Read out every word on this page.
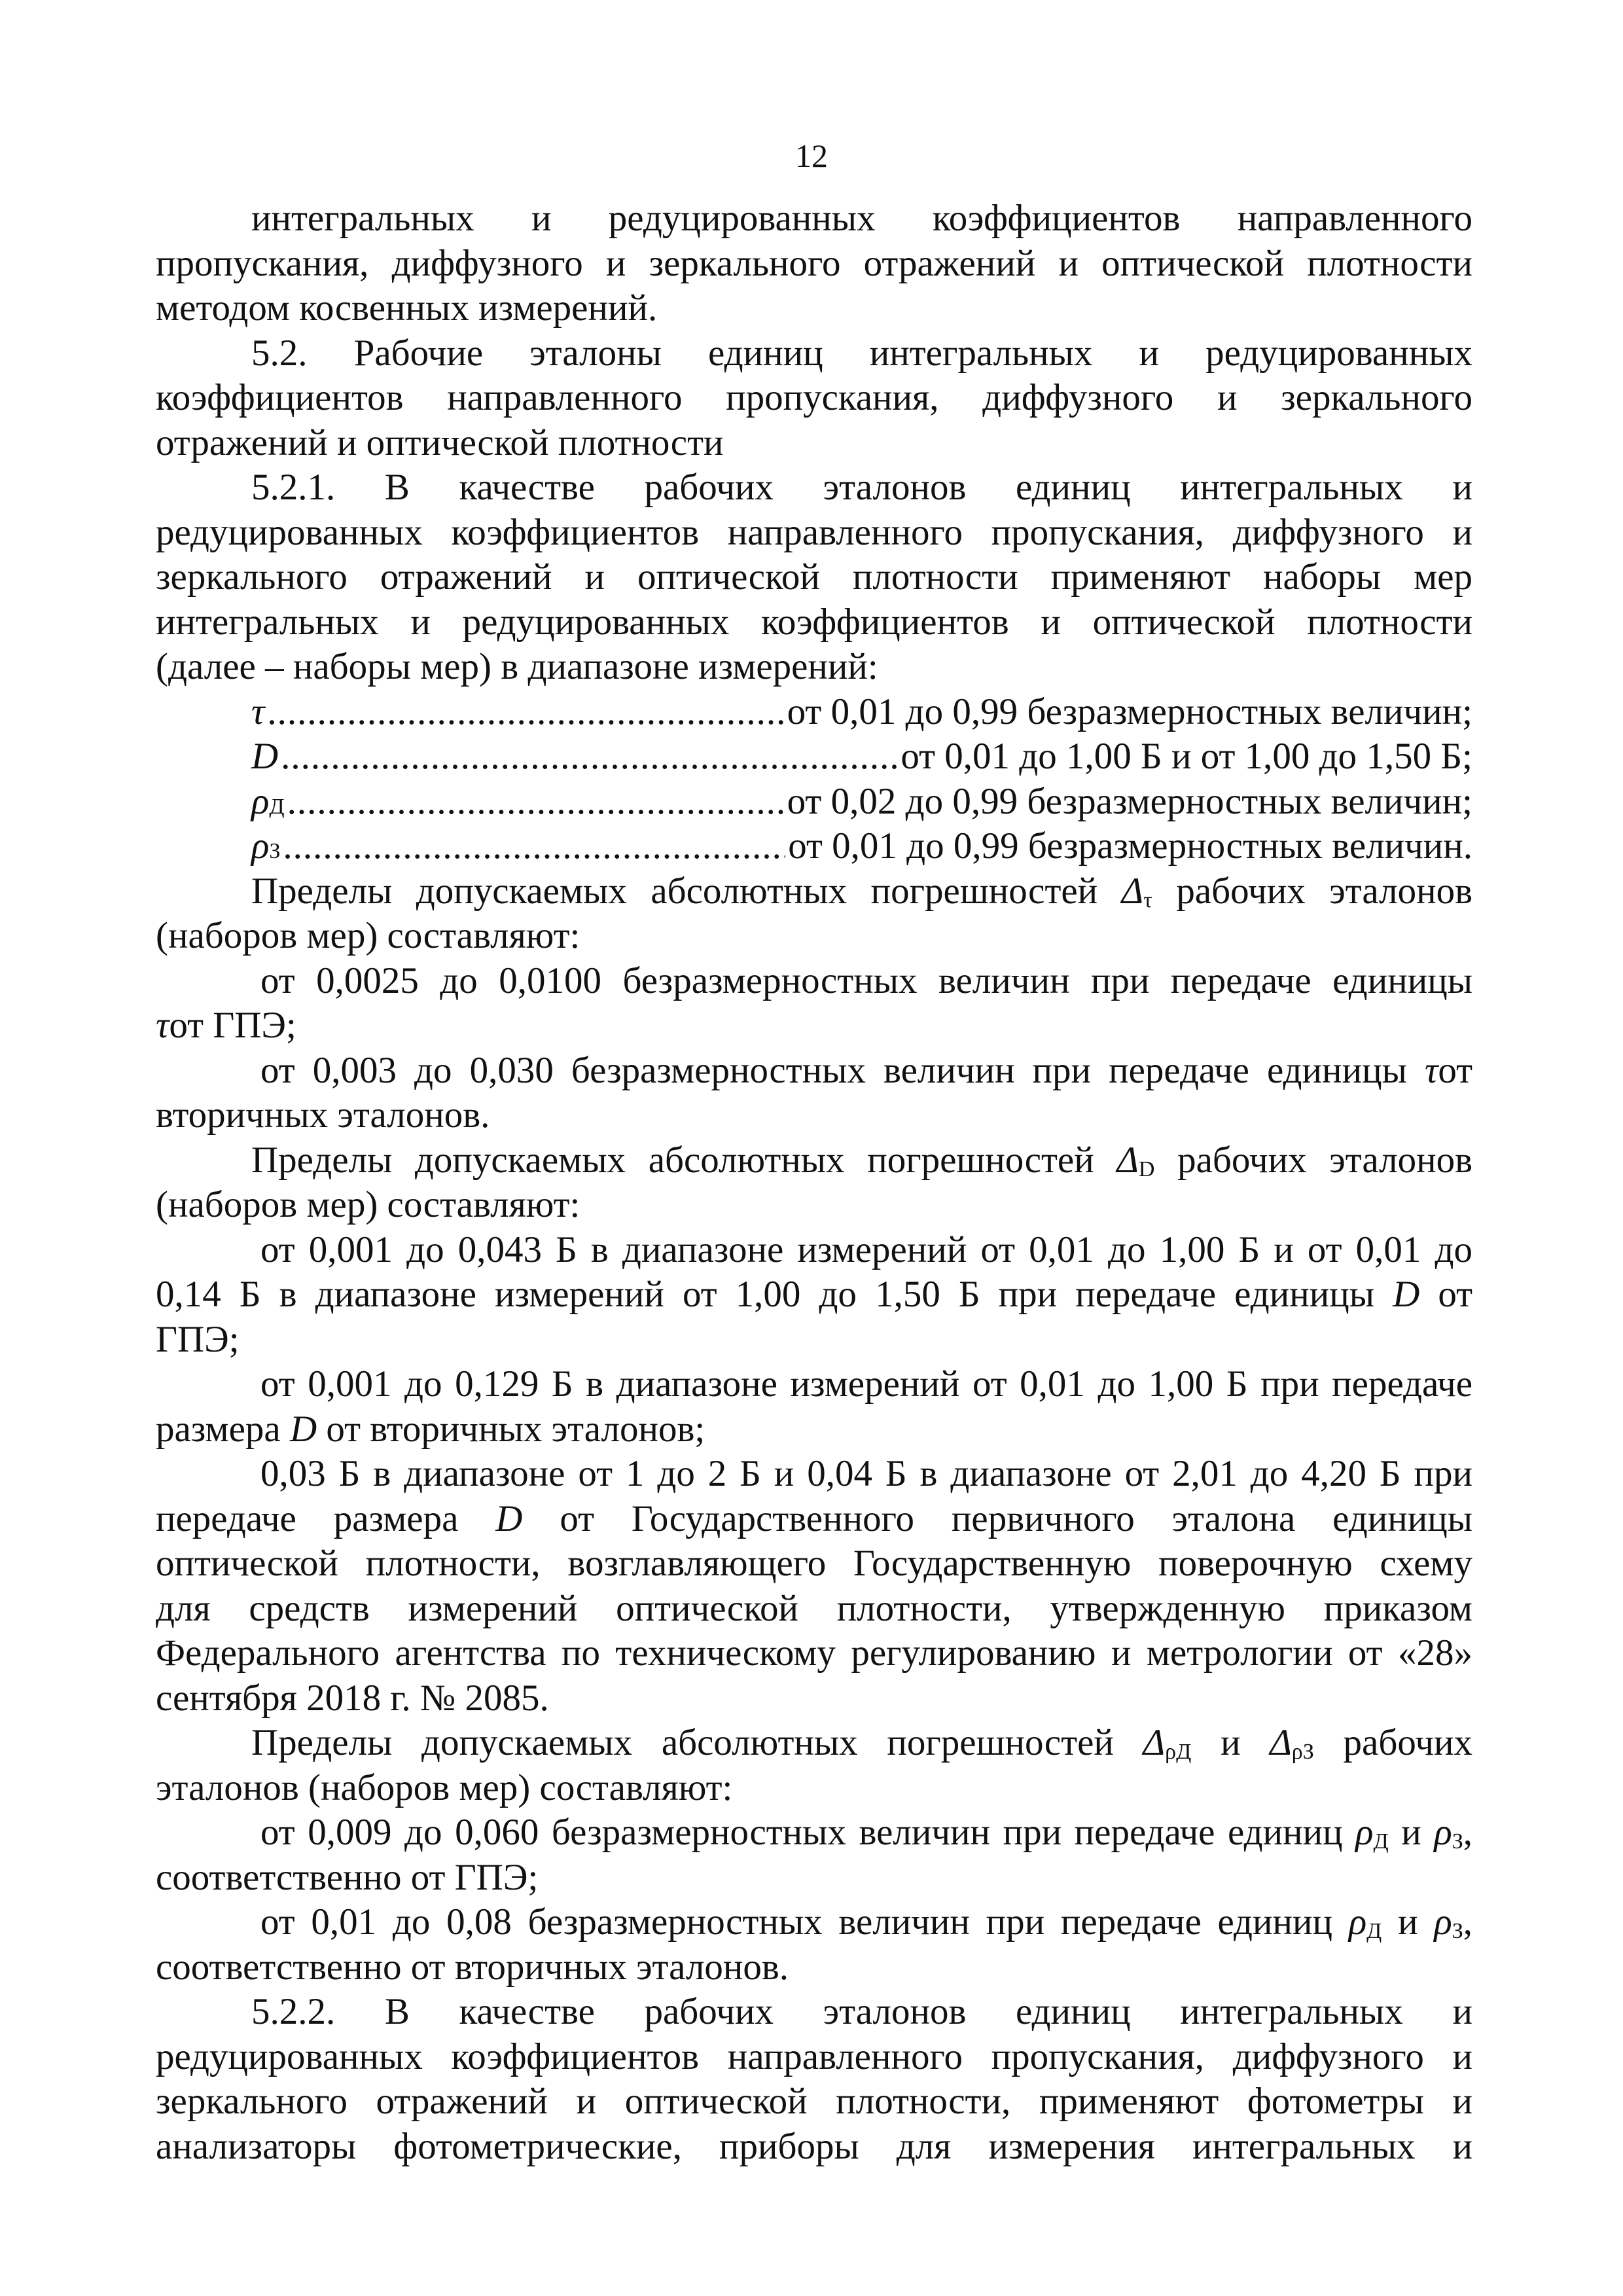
12
интегральных и редуцированных коэффициентов направленного
пропускания, диффузного и зеркального отражений и оптической плотности
методом косвенных измерений.
5.2. Рабочие эталоны единиц интегральных и редуцированных
коэффициентов направленного пропускания, диффузного и зеркального
отражений и оптической плотности
5.2.1. В качестве рабочих эталонов единиц интегральных и
редуцированных коэффициентов направленного пропускания, диффузного и
зеркального отражений и оптической плотности применяют наборы мер
интегральных и редуцированных коэффициентов и оптической плотности
(далее – наборы мер) в диапазоне измерений:
τ .....	от 0,01 до 0,99 безразмерностных величин;
D .....	от 0,01 до 1,00 Б и от 1,00 до 1,50 Б;
ρ Д .....	от 0,02 до 0,99 безразмерностных величин;
ρ З .....	от 0,01 до 0,99 безразмерностных величин.
Пределы допускаемых абсолютных погрешностей $\Delta_\tau$ рабочих эталонов
(наборов мер) составляют:
от 0,0025 до 0,0100 безразмерностных величин при передаче единицы
τот ГПЭ;
от 0,003 до 0,030 безразмерностных величин при передаче единицы τот
вторичных эталонов.
Пределы допускаемых абсолютных погрешностей $\Delta_D$ рабочих эталонов
(наборов мер) составляют:
от 0,001 до 0,043 Б в диапазоне измерений от 0,01 до 1,00 Б и от 0,01 до
0,14 Б в диапазоне измерений от 1,00 до 1,50 Б при передаче единицы D от
ГПЭ;
от 0,001 до 0,129 Б в диапазоне измерений от 0,01 до 1,00 Б при передаче
размера D от вторичных эталонов;
0,03 Б в диапазоне от 1 до 2 Б и 0,04 Б в диапазоне от 2,01 до 4,20 Б при
передаче размера D от Государственного первичного эталона единицы
оптической плотности, возглавляющего Государственную поверочную схему
для средств измерений оптической плотности, утвержденную приказом
Федерального агентства по техническому регулированию и метрологии от «28»
сентября 2018 г. № 2085.
Пределы допускаемых абсолютных погрешностей $\Delta_{\rho Д}$ и $\Delta_{\rho З}$ рабочих
эталонов (наборов мер) составляют:
от 0,009 до 0,060 безразмерностных величин при передаче единиц $\rho_Д$ и $\rho_З$,
соответственно от ГПЭ;
от 0,01 до 0,08 безразмерностных величин при передаче единиц $\rho_Д$ и $\rho_З$,
соответственно от вторичных эталонов.
5.2.2. В качестве рабочих эталонов единиц интегральных и
редуцированных коэффициентов направленного пропускания, диффузного и
зеркального отражений и оптической плотности, применяют фотометры и
анализаторы фотометрические, приборы для измерения интегральных и
